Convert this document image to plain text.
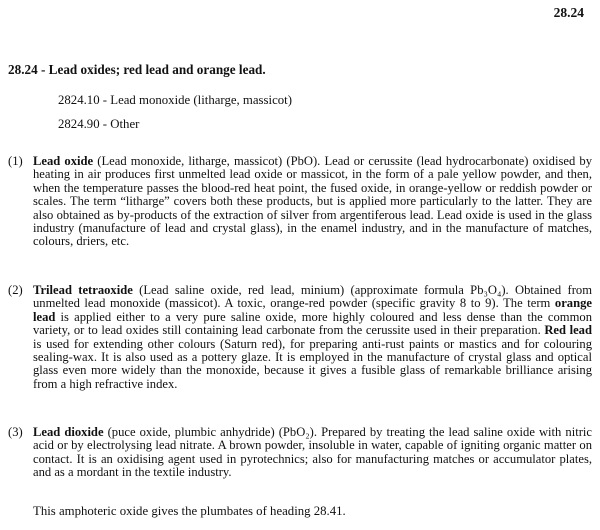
28.24
28.24 - Lead oxides; red lead and orange lead.
2824.10 - Lead monoxide (litharge, massicot)
2824.90 - Other
(1) Lead oxide (Lead monoxide, litharge, massicot) (PbO). Lead or cerussite (lead hydrocarbonate) oxidised by heating in air produces first unmelted lead oxide or massicot, in the form of a pale yellow powder, and then, when the temperature passes the blood-red heat point, the fused oxide, in orange-yellow or reddish powder or scales. The term “litharge” covers both these products, but is applied more particularly to the latter. They are also obtained as by-products of the extraction of silver from argentiferous lead. Lead oxide is used in the glass industry (manufacture of lead and crystal glass), in the enamel industry, and in the manufacture of matches, colours, driers, etc.
(2) Trilead tetraoxide (Lead saline oxide, red lead, minium) (approximate formula Pb₃O₄). Obtained from unmelted lead monoxide (massicot). A toxic, orange-red powder (specific gravity 8 to 9). The term orange lead is applied either to a very pure saline oxide, more highly coloured and less dense than the common variety, or to lead oxides still containing lead carbonate from the cerussite used in their preparation. Red lead is used for extending other colours (Saturn red), for preparing anti-rust paints or mastics and for colouring sealing-wax. It is also used as a pottery glaze. It is employed in the manufacture of crystal glass and optical glass even more widely than the monoxide, because it gives a fusible glass of remarkable brilliance arising from a high refractive index.
(3) Lead dioxide (puce oxide, plumbic anhydride) (PbO₂). Prepared by treating the lead saline oxide with nitric acid or by electrolysing lead nitrate. A brown powder, insoluble in water, capable of igniting organic matter on contact. It is an oxidising agent used in pyrotechnics; also for manufacturing matches or accumulator plates, and as a mordant in the textile industry.
This amphoteric oxide gives the plumbates of heading 28.41.
